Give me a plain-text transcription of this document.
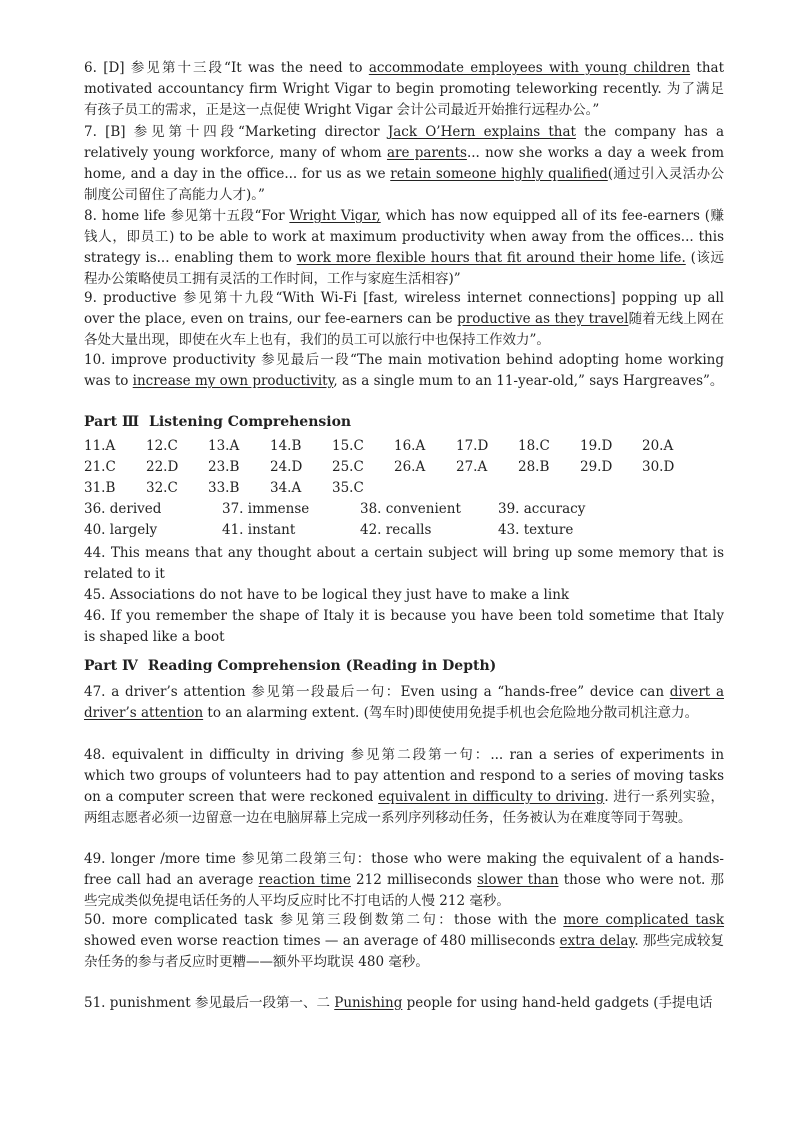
6. [D] 参见第十三段“It was the need to accommodate employees with young children that motivated accountancy firm Wright Vigar to begin promoting teleworking recently. 为了满足有孩子员工的需求，正是这一点促使 Wright Vigar 会计公司最近开始推行远程办公。”
7. [B] 参见第十四段“Marketing director Jack O’Hern explains that the company has a relatively young workforce, many of whom are parents... now she works a day a week from home, and a day in the office... for us as we retain someone highly qualified(通过引入灵活办公制度公司留住了高能力人才)。”
8. home life 参见第十五段“For Wright Vigar, which has now equipped all of its fee-earners (赚钱人，即员工) to be able to work at maximum productivity when away from the offices... this strategy is... enabling them to work more flexible hours that fit around their home life. (该远程办公策略使员工拥有灵活的工作时间，工作与家庭生活相容)”
9. productive 参见第十九段“With Wi-Fi [fast, wireless internet connections] popping up all over the place, even on trains, our fee-earners can be productive as they travel随着无线上网在各处大量出现，即使在火车上也有，我们的员工可以旅行中也保持工作效力”。
10. improve productivity 参见最后一段“The main motivation behind adopting home working was to increase my own productivity, as a single mum to an 11-year-old,” says Hargreaves”。
Part Ⅲ Listening Comprehension
11.A 12.C 13.A 14.B 15.C 16.A 17.D 18.C 19.D 20.A
21.C 22.D 23.B 24.D 25.C 26.A 27.A 28.B 29.D 30.D
31.B 32.C 33.B 34.A 35.C
36. derived	37. immense	38. convenient	39. accuracy
40. largely	41. instant	42. recalls	43. texture
44. This means that any thought about a certain subject will bring up some memory that is related to it
45. Associations do not have to be logical they just have to make a link
46. If you remember the shape of Italy it is because you have been told sometime that Italy is shaped like a boot
Part Ⅳ Reading Comprehension (Reading in Depth)
47. a driver’s attention 参见第一段最后一句：Even using a “hands-free” device can divert a driver’s attention to an alarming extent. (驾车时)即使使用免提手机也会危险地分散司机注意力。
48. equivalent in difficulty in driving 参见第二段第一句：... ran a series of experiments in which two groups of volunteers had to pay attention and respond to a series of moving tasks on a computer screen that were reckoned equivalent in difficulty to driving. 进行一系列实验，两组志愿者必须一边留意一边在电脑屏幕上完成一系列序列移动任务，任务被认为在难度等同于驾驶。
49. longer /more time 参见第二段第三句：those who were making the equivalent of a hands-free call had an average reaction time 212 milliseconds slower than those who were not. 那些完成类似免提电话任务的人平均反应时比不打电话的人慢 212 毫秒。
50. more complicated task 参见第三段倒数第二句：those with the more complicated task showed even worse reaction times — an average of 480 milliseconds extra delay. 那些完成较复杂任务的参与者反应时更糟——额外平均耽误 480 毫秒。
51. punishment 参见最后一段第一、二 Punishing people for using hand-held gadgets (手提电话
